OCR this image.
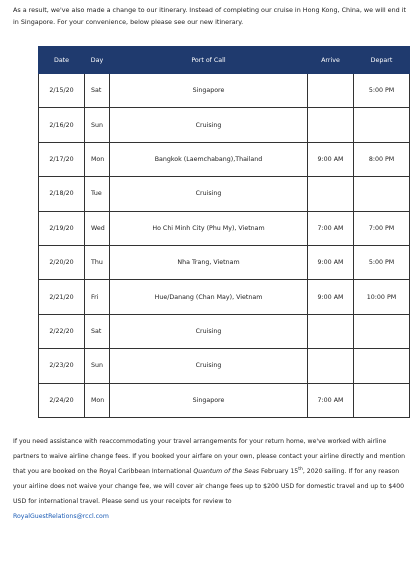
As a result, we've also made a change to our itinerary. Instead of completing our cruise in Hong Kong, China, we will end it in Singapore. For your convenience, below please see our new itinerary.

Date	Day	Port of Call	Arrive	Depart
2/15/20	Sat	Singapore		5:00 PM
2/16/20	Sun	Cruising		
2/17/20	Mon	Bangkok (Laemchabang),Thailand	9:00 AM	8:00 PM
2/18/20	Tue	Cruising		
2/19/20	Wed	Ho Chi Minh City (Phu My), Vietnam	7:00 AM	7:00 PM
2/20/20	Thu	Nha Trang, Vietnam	9:00 AM	5:00 PM
2/21/20	Fri	Hue/Danang (Chan May), Vietnam	9:00 AM	10:00 PM
2/22/20	Sat	Cruising		
2/23/20	Sun	Cruising		
2/24/20	Mon	Singapore	7:00 AM	

If you need assistance with reaccommodating your travel arrangements for your return home, we've worked with airline partners to waive airline change fees. If you booked your airfare on your own, please contact your airline directly and mention that you are booked on the Royal Caribbean International Quantum of the Seas February 15th, 2020 sailing. If for any reason your airline does not waive your change fee, we will cover air change fees up to $200 USD for domestic travel and up to $400 USD for international travel. Please send us your receipts for review to
RoyalGuestRelations@rccl.com
